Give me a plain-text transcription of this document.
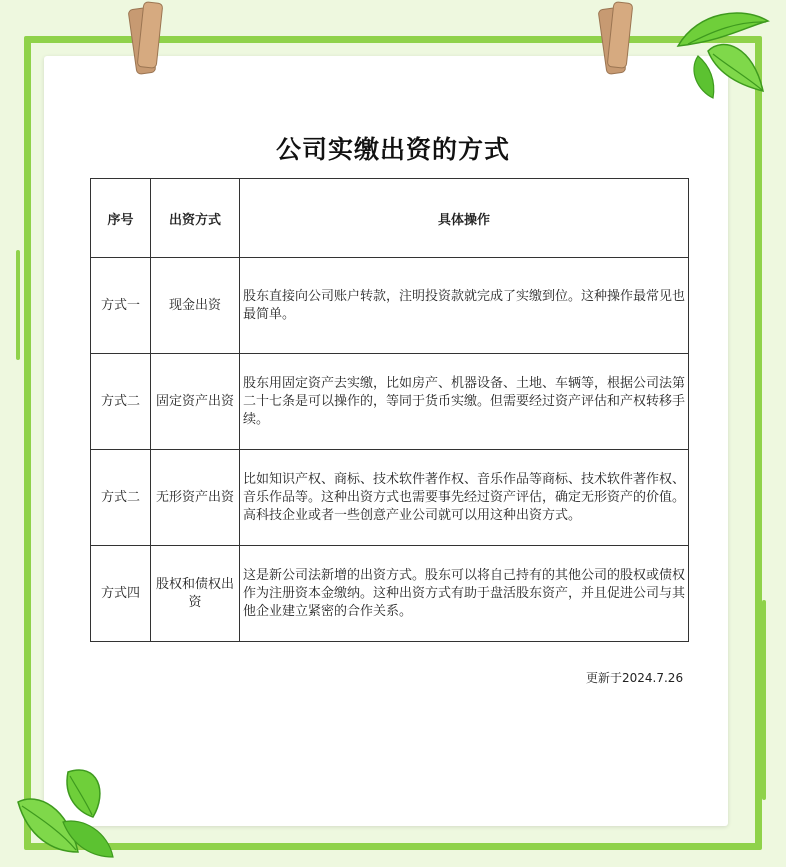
公司实缴出资的方式
序号	出资方式	具体操作
方式一	现金出资	股东直接向公司账户转款，注明投资款就完成了实缴到位。这种操作最常见也最简单。
方式二	固定资产出资	股东用固定资产去实缴，比如房产、机器设备、土地、车辆等，根据公司法第二十七条是可以操作的，等同于货币实缴。但需要经过资产评估和产权转移手续。
方式二	无形资产出资	比如知识产权、商标、技术软件著作权、音乐作品等商标、技术软件著作权、音乐作品等。这种出资方式也需要事先经过资产评估，确定无形资产的价值。高科技企业或者一些创意产业公司就可以用这种出资方式。
方式四	股权和债权出资	这是新公司法新增的出资方式。股东可以将自己持有的其他公司的股权或债权作为注册资本金缴纳。这种出资方式有助于盘活股东资产，并且促进公司与其他企业建立紧密的合作关系。
更新于2024.7.26
